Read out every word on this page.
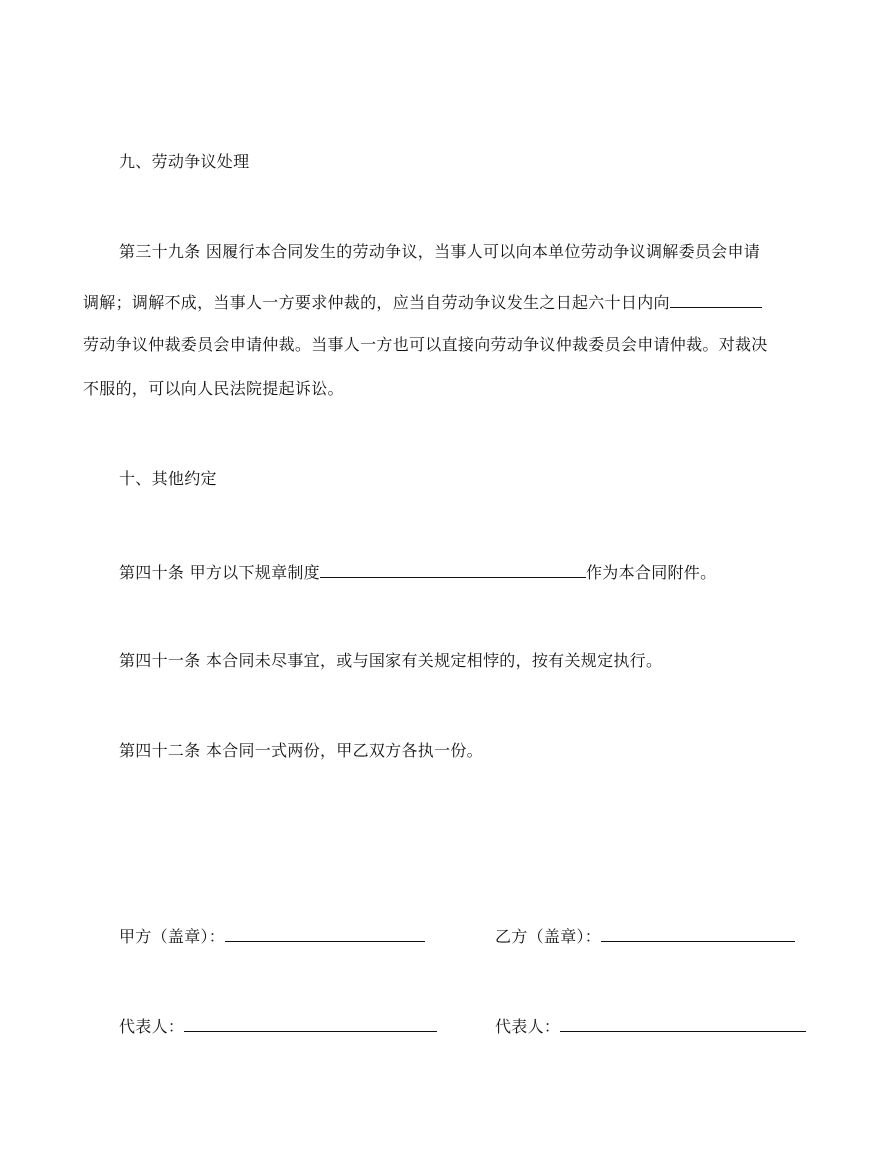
九、劳动争议处理
第三十九条 因履行本合同发生的劳动争议，当事人可以向本单位劳动争议调解委员会申请
调解；调解不成，当事人一方要求仲裁的，应当自劳动争议发生之日起六十日内向
劳动争议仲裁委员会申请仲裁。当事人一方也可以直接向劳动争议仲裁委员会申请仲裁。对裁决
不服的，可以向人民法院提起诉讼。
十、其他约定
第四十条 甲方以下规章制度	作为本合同附件。
第四十一条 本合同未尽事宜，或与国家有关规定相悖的，按有关规定执行。
第四十二条 本合同一式两份，甲乙双方各执一份。
甲方（盖章）：	乙方（盖章）：
代表人：	代表人：
